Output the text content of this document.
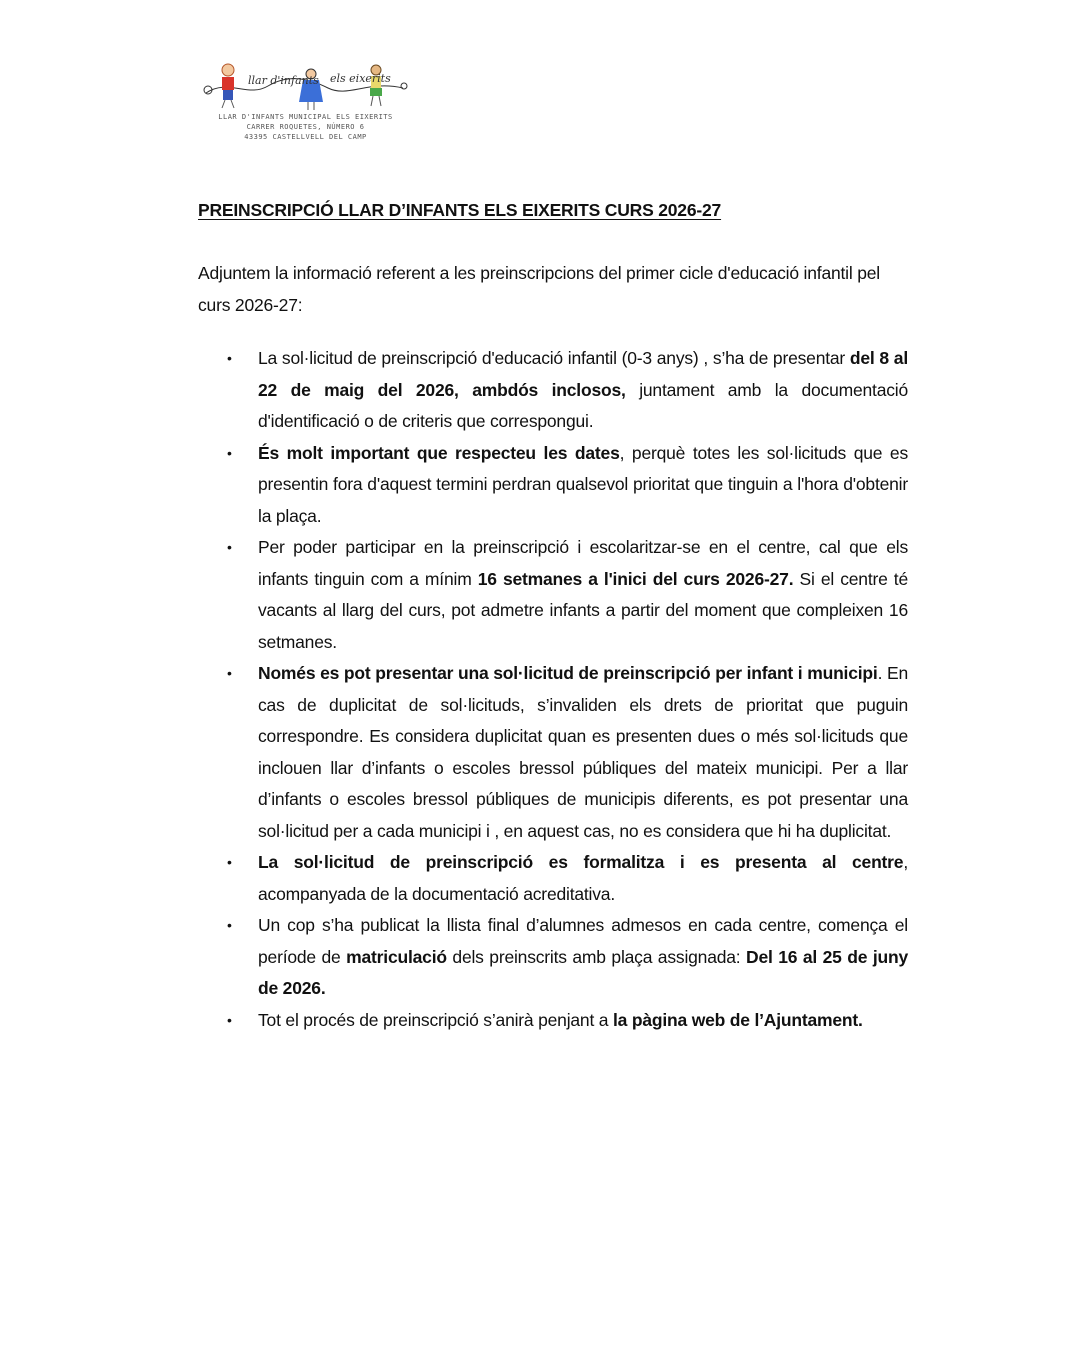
llar d'infants els eixerits
LLAR D'INFANTS MUNICIPAL ELS EIXERITS
CARRER ROQUETES, NÚMERO 6
43395 CASTELLVELL DEL CAMP
PREINSCRIPCIÓ LLAR D’INFANTS ELS EIXERITS CURS 2026-27

Adjuntem la informació referent a les preinscripcions del primer cicle d'educació infantil pel curs 2026-27:

• La sol·licitud de preinscripció d'educació infantil (0-3 anys) , s’ha de presentar del 8 al 22 de maig del 2026, ambdós inclosos, juntament amb la documentació d'identificació o de criteris que correspongui.
• És molt important que respecteu les dates, perquè totes les sol·licituds que es presentin fora d'aquest termini perdran qualsevol prioritat que tinguin a l'hora d'obtenir la plaça.
• Per poder participar en la preinscripció i escolaritzar-se en el centre, cal que els infants tinguin com a mínim 16 setmanes a l'inici del curs 2026-27. Si el centre té vacants al llarg del curs, pot admetre infants a partir del moment que compleixen 16 setmanes.
• Només es pot presentar una sol·licitud de preinscripció per infant i municipi. En cas de duplicitat de sol·licituds, s’invaliden els drets de prioritat que puguin correspondre. Es considera duplicitat quan es presenten dues o més sol·licituds que inclouen llar d’infants o escoles bressol públiques del mateix municipi. Per a llar d’infants o escoles bressol públiques de municipis diferents, es pot presentar una sol·licitud per a cada municipi i , en aquest cas, no es considera que hi ha duplicitat.
• La sol·licitud de preinscripció es formalitza i es presenta al centre, acompanyada de la documentació acreditativa.
• Un cop s’ha publicat la llista final d’alumnes admesos en cada centre, comença el període de matriculació dels preinscrits amb plaça assignada: Del 16 al 25 de juny de 2026.
• Tot el procés de preinscripció s’anirà penjant a la pàgina web de l’Ajuntament.
